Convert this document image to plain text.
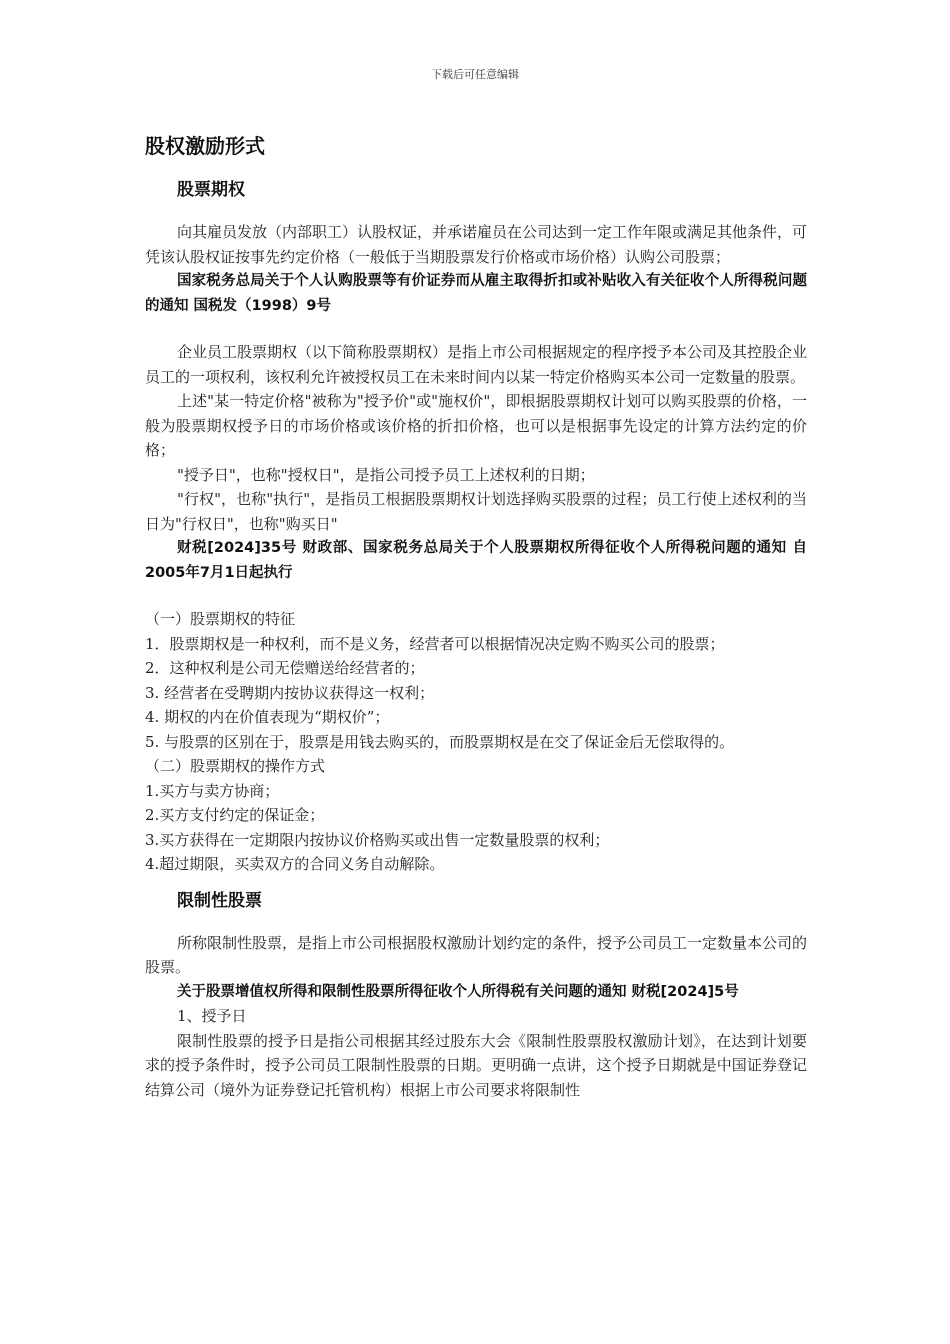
下载后可任意编辑
股权激励形式
股票期权

向其雇员发放（内部职工）认股权证，并承诺雇员在公司达到一定工作年限或满足其他条件，可凭该认股权证按事先约定价格（一般低于当期股票发行价格或市场价格）认购公司股票；

国家税务总局关于个人认购股票等有价证券而从雇主取得折扣或补贴收入有关征收个人所得税问题的通知 国税发（1998）9号

企业员工股票期权（以下简称股票期权）是指上市公司根据规定的程序授予本公司及其控股企业员工的一项权利，该权利允许被授权员工在未来时间内以某一特定价格购买本公司一定数量的股票。

上述"某一特定价格"被称为"授予价"或"施权价"，即根据股票期权计划可以购买股票的价格，一般为股票期权授予日的市场价格或该价格的折扣价格，也可以是根据事先设定的计算方法约定的价格；

"授予日"，也称"授权日"，是指公司授予员工上述权利的日期；

"行权"，也称"执行"，是指员工根据股票期权计划选择购买股票的过程；员工行使上述权利的当日为"行权日"，也称"购买日"

财税[2024]35号 财政部、国家税务总局关于个人股票期权所得征收个人所得税问题的通知 自2005年7月1日起执行

（一）股票期权的特征

1．股票期权是一种权利，而不是义务，经营者可以根据情况决定购不购买公司的股票；

2．这种权利是公司无偿赠送给经营者的；

3. 经营者在受聘期内按协议获得这一权利；

4. 期权的内在价值表现为“期权价”；

5. 与股票的区别在于，股票是用钱去购买的，而股票期权是在交了保证金后无偿取得的。

（二）股票期权的操作方式

1.买方与卖方协商；

2.买方支付约定的保证金；

3.买方获得在一定期限内按协议价格购买或出售一定数量股票的权利；

4.超过期限，买卖双方的合同义务自动解除。

限制性股票

所称限制性股票，是指上市公司根据股权激励计划约定的条件，授予公司员工一定数量本公司的股票。

关于股票增值权所得和限制性股票所得征收个人所得税有关问题的通知 财税[2024]5号

1、授予日

限制性股票的授予日是指公司根据其经过股东大会《限制性股票股权激励计划》，在达到计划要求的授予条件时，授予公司员工限制性股票的日期。更明确一点讲，这个授予日期就是中国证券登记结算公司（境外为证券登记托管机构）根据上市公司要求将限制性
